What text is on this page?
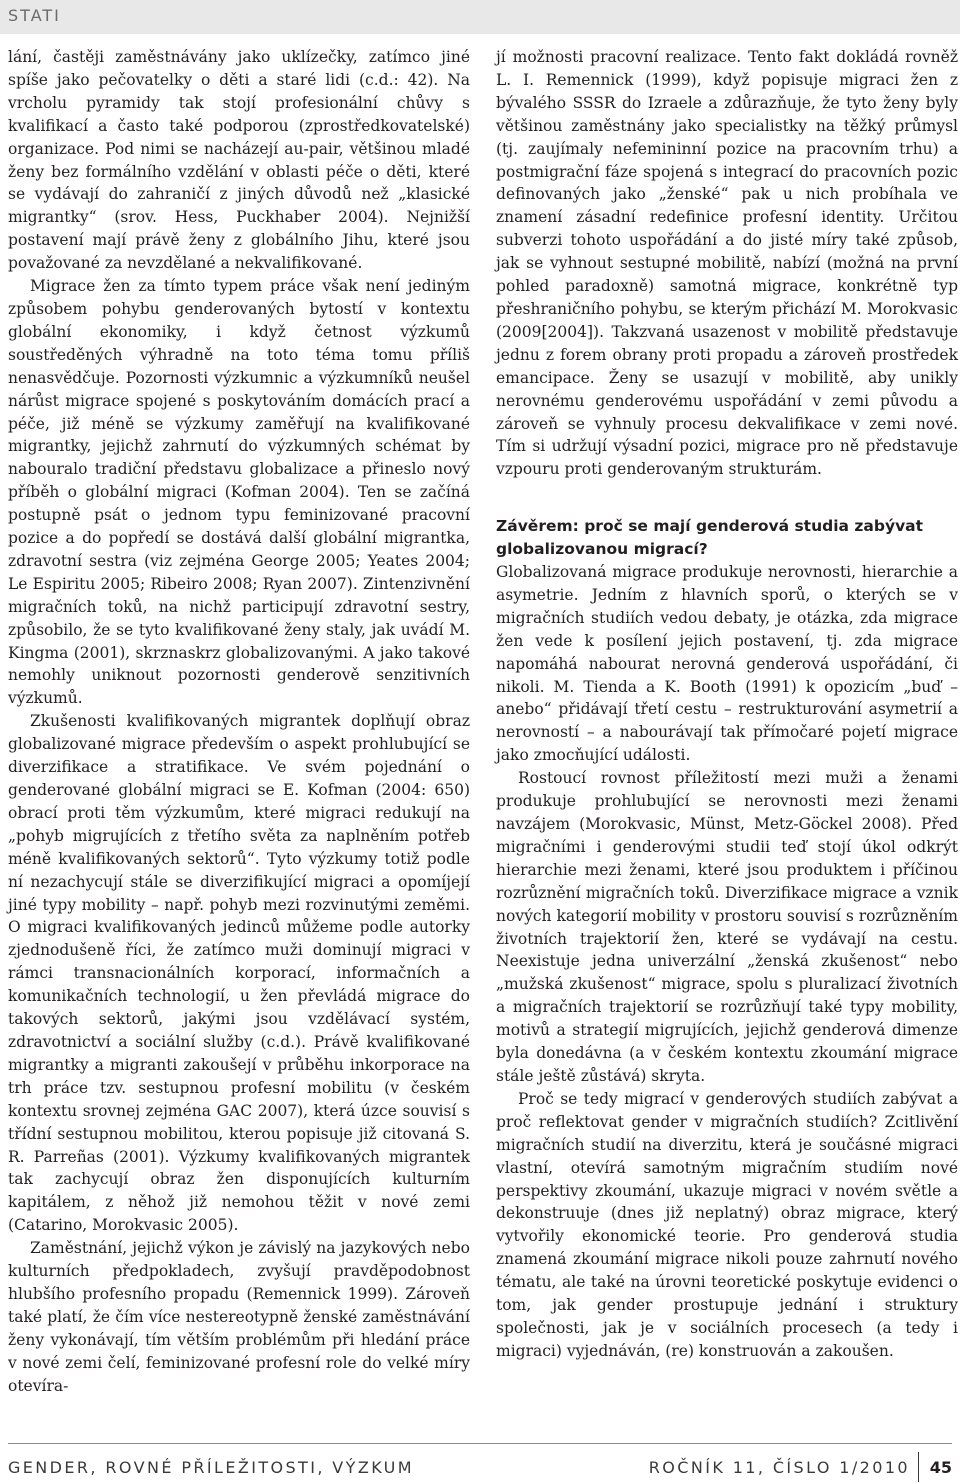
STATI

lání, častěji zaměstnávány jako uklízečky, zatímco jiné spíše jako pečovatelky o děti a staré lidi (c.d.: 42). Na vrcholu pyramidy tak stojí profesionální chůvy s kvalifikací a často také podporou (zprostředkovatelské) organizace. Pod nimi se nacházejí au-pair, většinou mladé ženy bez formálního vzdělání v oblasti péče o děti, které se vydávají do zahraničí z jiných důvodů než „klasické migrantky“ (srov. Hess, Puckhaber 2004). Nejnižší postavení mají právě ženy z globálního Jihu, které jsou považované za nevzdělané a nekvalifikované.

Migrace žen za tímto typem práce však není jediným způsobem pohybu genderovaných bytostí v kontextu globální ekonomiky, i když četnost výzkumů soustředěných výhradně na toto téma tomu příliš nenasvědčuje. Pozornosti výzkumnic a výzkumníků neušel nárůst migrace spojené s poskytováním domácích prací a péče, již méně se výzkumy zaměřují na kvalifikované migrantky, jejichž zahrnutí do výzkumných schémat by nabouralo tradiční představu globalizace a přineslo nový příběh o globální migraci (Kofman 2004). Ten se začíná postupně psát o jednom typu feminizované pracovní pozice a do popředí se dostává další globální migrantka, zdravotní sestra (viz zejména George 2005; Yeates 2004; Le Espiritu 2005; Ribeiro 2008; Ryan 2007). Zintenzivnění migračních toků, na nichž participují zdravotní sestry, způsobilo, že se tyto kvalifikované ženy staly, jak uvádí M. Kingma (2001), skrznaskrz globalizovanými. A jako takové nemohly uniknout pozornosti genderově senzitivních výzkumů.

Zkušenosti kvalifikovaných migrantek doplňují obraz globalizované migrace především o aspekt prohlubující se diverzifikace a stratifikace. Ve svém pojednání o genderované globální migraci se E. Kofman (2004: 650) obrací proti těm výzkumům, které migraci redukují na „pohyb migrujících z třetího světa za naplněním potřeb méně kvalifikovaných sektorů“. Tyto výzkumy totiž podle ní nezachycují stále se diverzifikující migraci a opomíjejí jiné typy mobility – např. pohyb mezi rozvinutými zeměmi. O migraci kvalifikovaných jedinců můžeme podle autorky zjednodušeně říci, že zatímco muži dominují migraci v rámci transnacionálních korporací, informačních a komunikačních technologií, u žen převládá migrace do takových sektorů, jakými jsou vzdělávací systém, zdravotnictví a sociální služby (c.d.). Právě kvalifikované migrantky a migranti zakoušejí v průběhu inkorporace na trh práce tzv. sestupnou profesní mobilitu (v českém kontextu srovnej zejména GAC 2007), která úzce souvisí s třídní sestupnou mobilitou, kterou popisuje již citovaná S. R. Parreñas (2001). Výzkumy kvalifikovaných migrantek tak zachycují obraz žen disponujících kulturním kapitálem, z něhož již nemohou těžit v nové zemi (Catarino, Morokvasic 2005).

Zaměstnání, jejichž výkon je závislý na jazykových nebo kulturních předpokladech, zvyšují pravděpodobnost hlubšího profesního propadu (Remennick 1999). Zároveň také platí, že čím více nestereotypně ženské zaměstnávání ženy vykonávají, tím větším problémům při hledání práce v nové zemi čelí, feminizované profesní role do velké míry otevíra-

jí možnosti pracovní realizace. Tento fakt dokládá rovněž L. I. Remennick (1999), když popisuje migraci žen z bývalého SSSR do Izraele a zdůrazňuje, že tyto ženy byly většinou zaměstnány jako specialistky na těžký průmysl (tj. zaujímaly nefemininní pozice na pracovním trhu) a postmigrační fáze spojená s integrací do pracovních pozic definovaných jako „ženské“ pak u nich probíhala ve znamení zásadní redefinice profesní identity. Určitou subverzi tohoto uspořádání a do jisté míry také způsob, jak se vyhnout sestupné mobilitě, nabízí (možná na první pohled paradoxně) samotná migrace, konkrétně typ přeshraničního pohybu, se kterým přichází M. Morokvasic (2009[2004]). Takzvaná usazenost v mobilitě představuje jednu z forem obrany proti propadu a zároveň prostředek emancipace. Ženy se usazují v mobilitě, aby unikly nerovnému genderovému uspořádání v zemi původu a zároveň se vyhnuly procesu dekvalifikace v zemi nové. Tím si udržují výsadní pozici, migrace pro ně představuje vzpouru proti genderovaným strukturám.

Závěrem: proč se mají genderová studia zabývat globalizovanou migrací?

Globalizovaná migrace produkuje nerovnosti, hierarchie a asymetrie. Jedním z hlavních sporů, o kterých se v migračních studiích vedou debaty, je otázka, zda migrace žen vede k posílení jejich postavení, tj. zda migrace napomáhá nabourat nerovná genderová uspořádání, či nikoli. M. Tienda a K. Booth (1991) k opozicím „buď – anebo“ přidávají třetí cestu – restrukturování asymetrií a nerovností – a nabourávají tak přímočaré pojetí migrace jako zmocňující události.

Rostoucí rovnost příležitostí mezi muži a ženami produkuje prohlubující se nerovnosti mezi ženami navzájem (Morokvasic, Münst, Metz-Göckel 2008). Před migračními i genderovými studii teď stojí úkol odkrýt hierarchie mezi ženami, které jsou produktem i příčinou rozrůznění migračních toků. Diverzifikace migrace a vznik nových kategorií mobility v prostoru souvisí s rozrůzněním životních trajektorií žen, které se vydávají na cestu. Neexistuje jedna univerzální „ženská zkušenost“ nebo „mužská zkušenost“ migrace, spolu s pluralizací životních a migračních trajektorií se rozrůzňují také typy mobility, motivů a strategií migrujících, jejichž genderová dimenze byla donedávna (a v českém kontextu zkoumání migrace stále ještě zůstává) skryta.

Proč se tedy migrací v genderových studiích zabývat a proč reflektovat gender v migračních studiích? Zcitlivění migračních studií na diverzitu, která je součásné migraci vlastní, otevírá samotným migračním studiím nové perspektivy zkoumání, ukazuje migraci v novém světle a dekonstruuje (dnes již neplatný) obraz migrace, který vytvořily ekonomické teorie. Pro genderová studia znamená zkoumání migrace nikoli pouze zahrnutí nového tématu, ale také na úrovni teoretické poskytuje evidenci o tom, jak gender prostupuje jednání i struktury společnosti, jak je v sociálních procesech (a tedy i migraci) vyjednáván, (re) konstruován a zakoušen.

GENDER, ROVNÉ PŘÍLEŽITOSTI, VÝZKUM	ROČNÍK 11, ČÍSLO 1/2010 45
